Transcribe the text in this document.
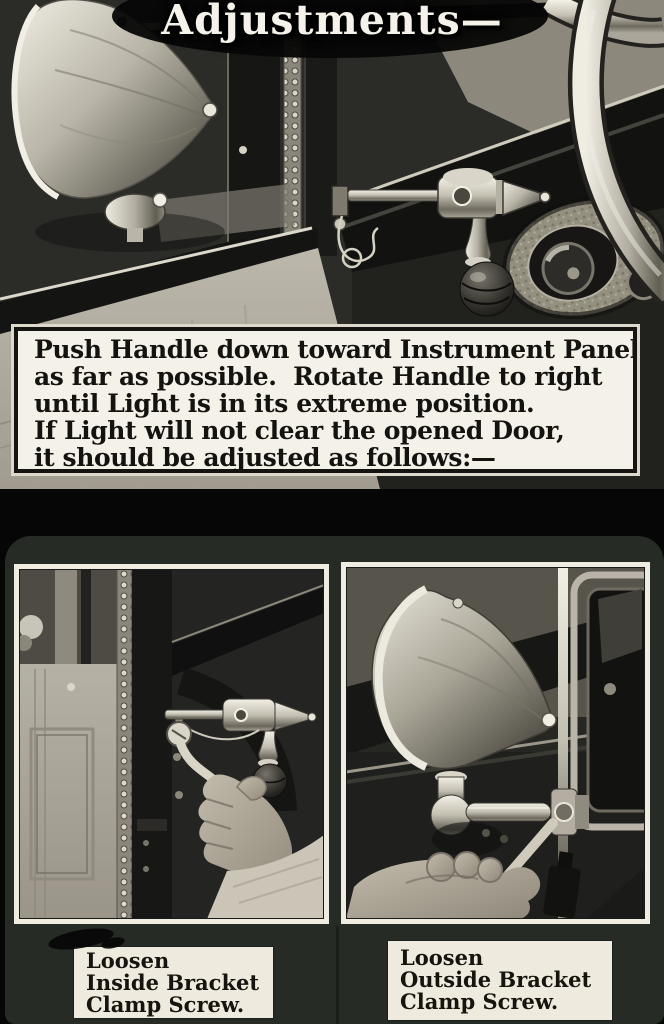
Adjustments—
Push Handle down toward Instrument Panel
as far as possible.  Rotate Handle to right
until Light is in its extreme position.
If Light will not clear the opened Door,
it should be adjusted as follows:—
Loosen
Inside Bracket
Clamp Screw.
Loosen
Outside Bracket
Clamp Screw.
